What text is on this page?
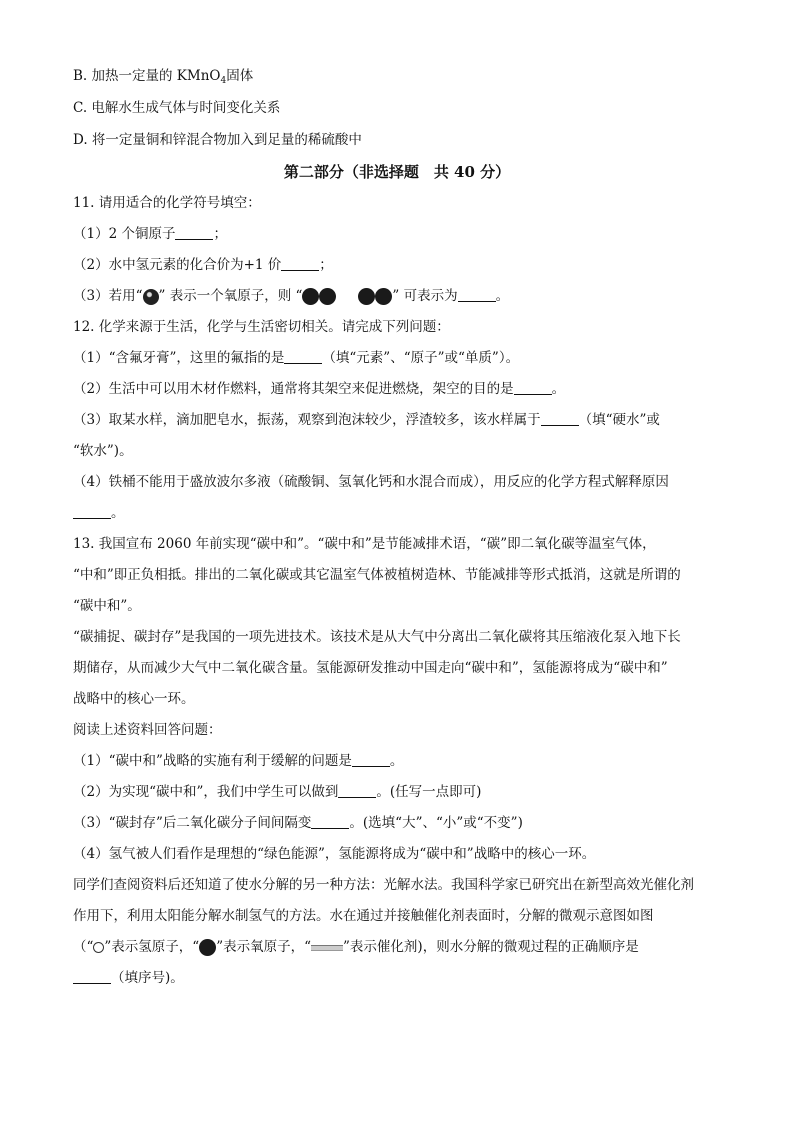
B. 加热一定量的 KMnO$_4$固体
C. 电解水生成气体与时间变化关系
D. 将一定量铜和锌混合物加入到足量的稀硫酸中
第二部分（非选择题　共 40 分）
11. 请用适合的化学符号填空：
（1）2 个铜原子	；
（2）水中氢元素的化合价为+1 价	；
（3）若用“ ” 表示一个氧原子，则 “	” 可表示为	。
12. 化学来源于生活，化学与生活密切相关。请完成下列问题：
（1）“含氟牙膏”，这里的氟指的是	（填“元素”、“原子”或“单质”）。
（2）生活中可以用木材作燃料，通常将其架空来促进燃烧，架空的目的是	。
（3）取某水样，滴加肥皂水，振荡，观察到泡沫较少，浮渣较多，该水样属于	（填“硬水”或
“软水”)。
（4）铁桶不能用于盛放波尔多液（硫酸铜、氢氧化钙和水混合而成），用反应的化学方程式解释原因
。
13. 我国宣布 2060 年前实现“碳中和”。“碳中和”是节能减排术语，“碳”即二氧化碳等温室气体，
“中和”即正负相抵。排出的二氧化碳或其它温室气体被植树造林、节能减排等形式抵消，这就是所谓的
“碳中和”。
“碳捕捉、碳封存”是我国的一项先进技术。该技术是从大气中分离出二氧化碳将其压缩液化泵入地下长
期储存，从而减少大气中二氧化碳含量。氢能源研发推动中国走向“碳中和”，氢能源将成为“碳中和”
战略中的核心一环。
阅读上述资料回答问题：
（1）“碳中和”战略的实施有利于缓解的问题是	。
（2）为实现“碳中和”，我们中学生可以做到	。(任写一点即可)
（3）“碳封存”后二氧化碳分子间间隔变	。(选填“大”、“小”或“不变”)
（4）氢气被人们看作是理想的“绿色能源”，氢能源将成为“碳中和”战略中的核心一环。
同学们查阅资料后还知道了使水分解的另一种方法：光解水法。我国科学家已研究出在新型高效光催化剂
作用下，利用太阳能分解水制氢气的方法。水在通过并接触催化剂表面时，分解的微观示意图如图
（“ ”表示氢原子，“ ”表示氧原子，“ ”表示催化剂)，则水分解的微观过程的正确顺序是
（填序号)。
